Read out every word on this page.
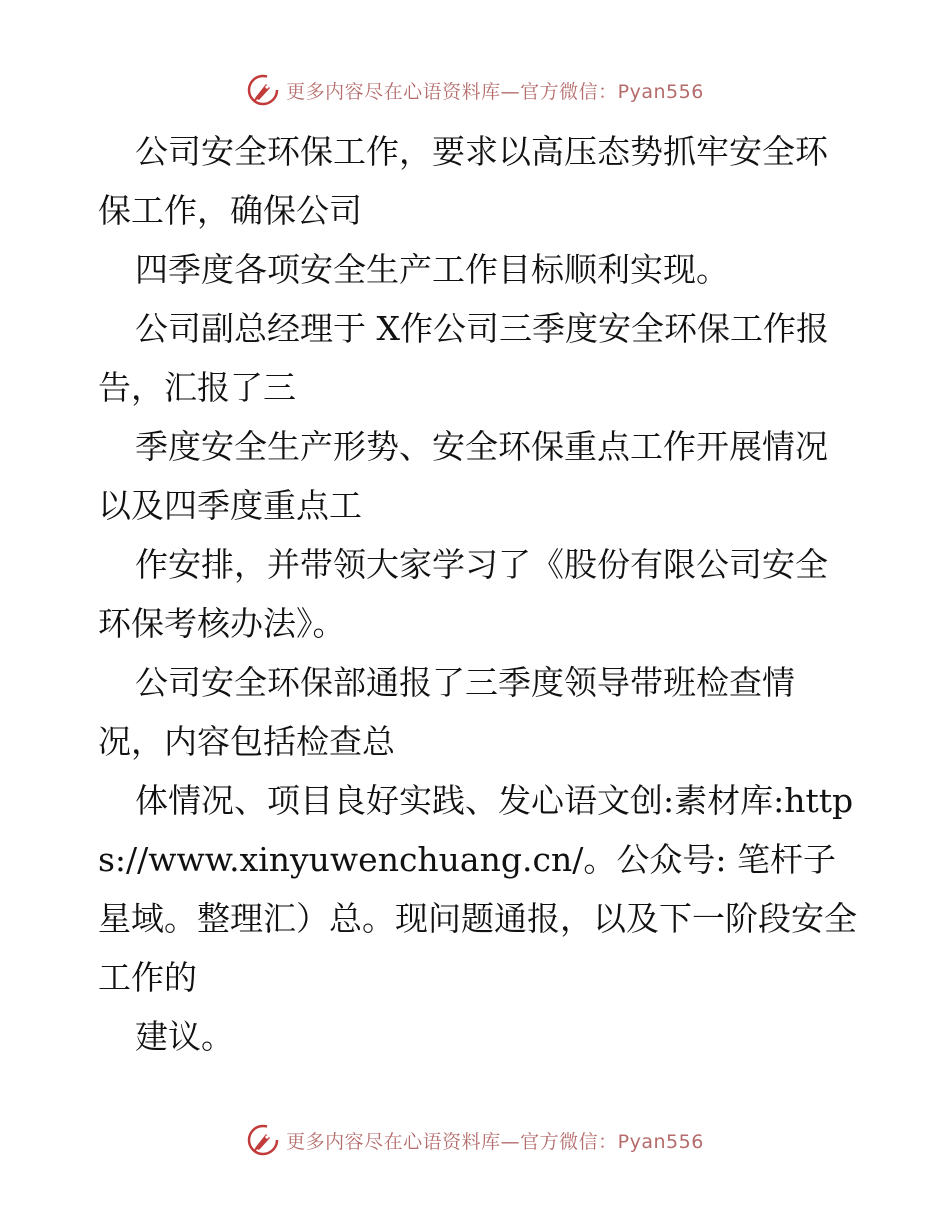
更多内容尽在心语资料库—官方微信：Pyan556

公司安全环保工作，要求以高压态势抓牢安全环保工作，确保公司

四季度各项安全生产工作目标顺利实现。

公司副总经理于 X作公司三季度安全环保工作报告，汇报了三

季度安全生产形势、安全环保重点工作开展情况以及四季度重点工

作安排，并带领大家学习了《股份有限公司安全环保考核办法》。

公司安全环保部通报了三季度领导带班检查情况，内容包括检查总

体情况、项目良好实践、发心语文创:素材库:https://www.xinyuwenchuang.cn/。公众号: 笔杆子星域。整理汇）总。现问题通报，以及下一阶段安全工作的

建议。

更多内容尽在心语资料库—官方微信：Pyan556
